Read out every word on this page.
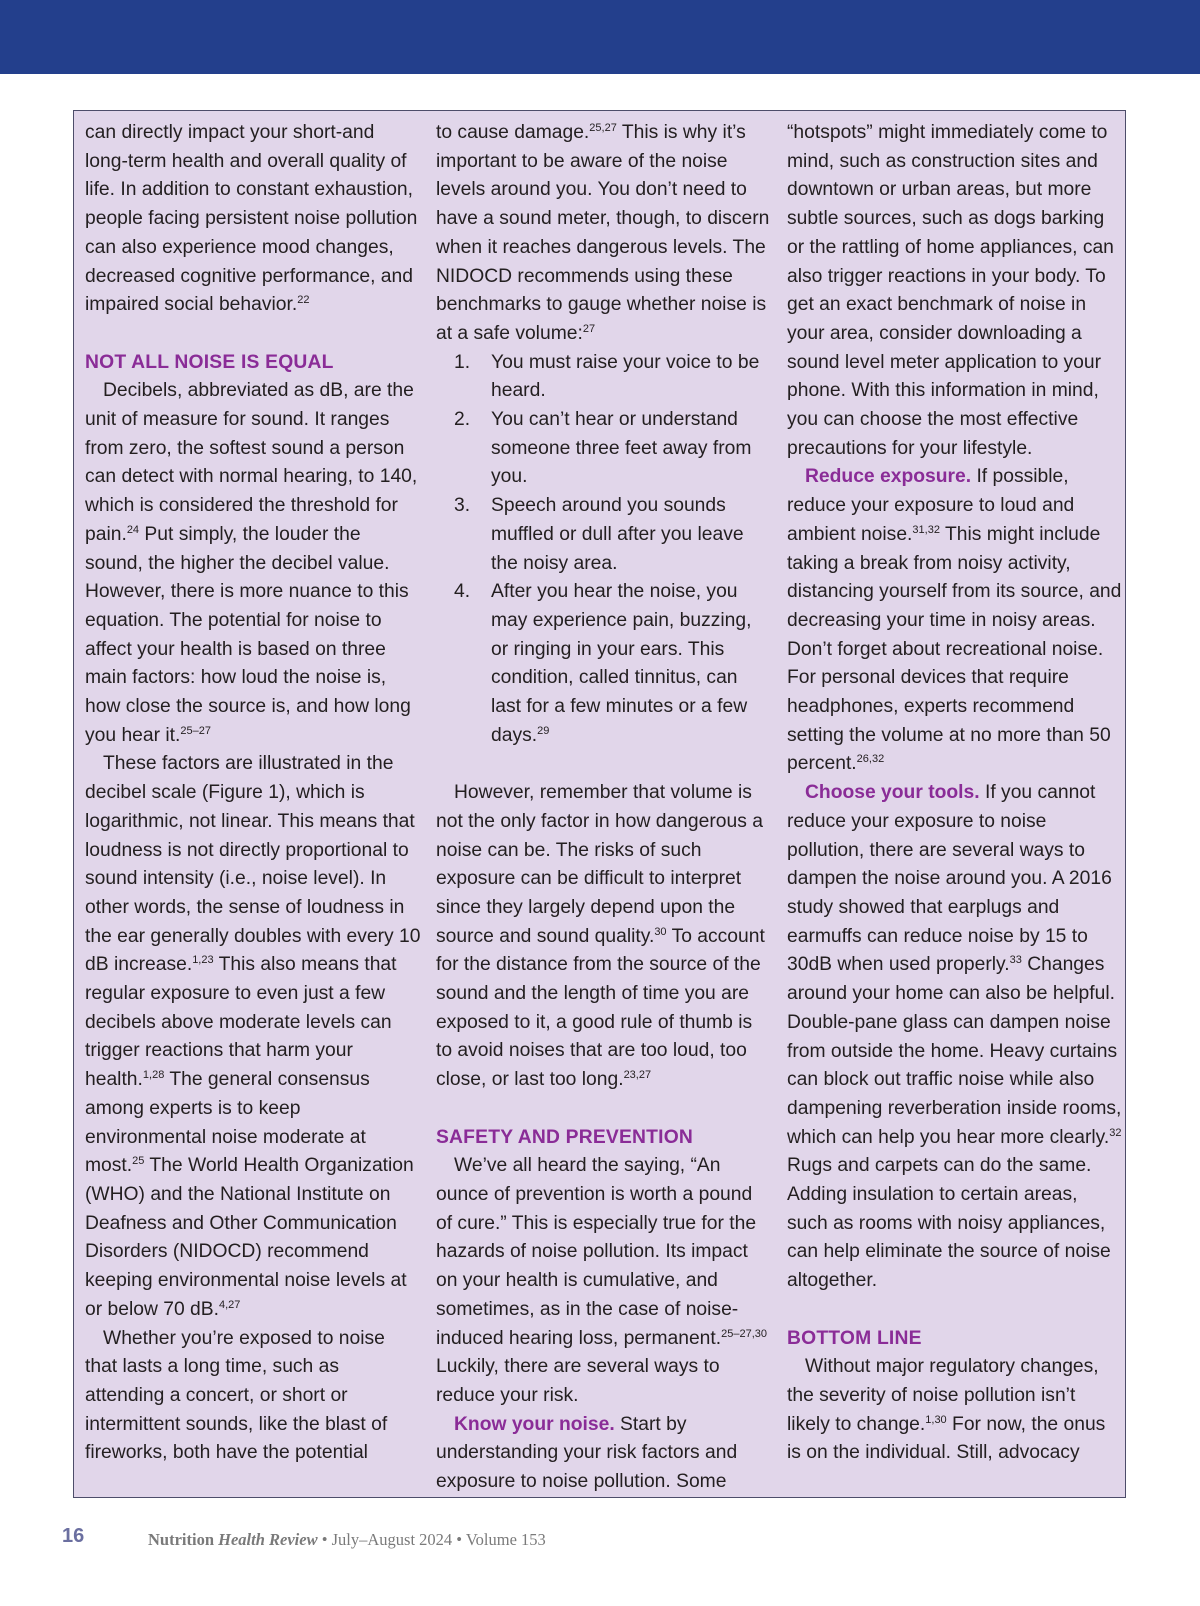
can directly impact your short-and long-term health and overall quality of life. In addition to constant exhaustion, people facing persistent noise pollution can also experience mood changes, decreased cognitive performance, and impaired social behavior.$^{22}$

NOT ALL NOISE IS EQUAL

Decibels, abbreviated as dB, are the unit of measure for sound. It ranges from zero, the softest sound a person can detect with normal hearing, to 140, which is considered the threshold for pain.$^{24}$ Put simply, the louder the sound, the higher the decibel value. However, there is more nuance to this equation. The potential for noise to affect your health is based on three main factors: how loud the noise is, how close the source is, and how long you hear it.$^{25-27}$

These factors are illustrated in the decibel scale (Figure 1), which is logarithmic, not linear. This means that loudness is not directly proportional to sound intensity (i.e., noise level). In other words, the sense of loudness in the ear generally doubles with every 10 dB increase.$^{1,23}$ This also means that regular exposure to even just a few decibels above moderate levels can trigger reactions that harm your health.$^{1,28}$ The general consensus among experts is to keep environmental noise moderate at most.$^{25}$ The World Health Organization (WHO) and the National Institute on Deafness and Other Communication Disorders (NIDOCD) recommend keeping environmental noise levels at or below 70 dB.$^{4,27}$

Whether you’re exposed to noise that lasts a long time, such as attending a concert, or short or intermittent sounds, like the blast of fireworks, both have the potential

to cause damage.$^{25,27}$ This is why it’s important to be aware of the noise levels around you. You don’t need to have a sound meter, though, to discern when it reaches dangerous levels. The NIDOCD recommends using these benchmarks to gauge whether noise is at a safe volume:$^{27}$

1.	You must raise your voice to be heard.
2.	You can’t hear or understand someone three feet away from you.
3.	Speech around you sounds muffled or dull after you leave the noisy area.
4.	After you hear the noise, you may experience pain, buzzing, or ringing in your ears. This condition, called tinnitus, can last for a few minutes or a few days.$^{29}$

However, remember that volume is not the only factor in how dangerous a noise can be. The risks of such exposure can be difficult to interpret since they largely depend upon the source and sound quality.$^{30}$ To account for the distance from the source of the sound and the length of time you are exposed to it, a good rule of thumb is to avoid noises that are too loud, too close, or last too long.$^{23,27}$

SAFETY AND PREVENTION

We’ve all heard the saying, “An ounce of prevention is worth a pound of cure.” This is especially true for the hazards of noise pollution. Its impact on your health is cumulative, and sometimes, as in the case of noise-induced hearing loss, permanent.$^{25-27,30}$ Luckily, there are several ways to reduce your risk.

Know your noise. Start by understanding your risk factors and exposure to noise pollution. Some

“hotspots” might immediately come to mind, such as construction sites and downtown or urban areas, but more subtle sources, such as dogs barking or the rattling of home appliances, can also trigger reactions in your body. To get an exact benchmark of noise in your area, consider downloading a sound level meter application to your phone. With this information in mind, you can choose the most effective precautions for your lifestyle.

Reduce exposure. If possible, reduce your exposure to loud and ambient noise.$^{31,32}$ This might include taking a break from noisy activity, distancing yourself from its source, and decreasing your time in noisy areas. Don’t forget about recreational noise. For personal devices that require headphones, experts recommend setting the volume at no more than 50 percent.$^{26,32}$

Choose your tools. If you cannot reduce your exposure to noise pollution, there are several ways to dampen the noise around you. A 2016 study showed that earplugs and earmuffs can reduce noise by 15 to 30dB when used properly.$^{33}$ Changes around your home can also be helpful. Double-pane glass can dampen noise from outside the home. Heavy curtains can block out traffic noise while also dampening reverberation inside rooms, which can help you hear more clearly.$^{32}$ Rugs and carpets can do the same. Adding insulation to certain areas, such as rooms with noisy appliances, can help eliminate the source of noise altogether.

BOTTOM LINE

Without major regulatory changes, the severity of noise pollution isn’t likely to change.$^{1,30}$ For now, the onus is on the individual. Still, advocacy

16	Nutrition Health Review • July–August 2024 • Volume 153
